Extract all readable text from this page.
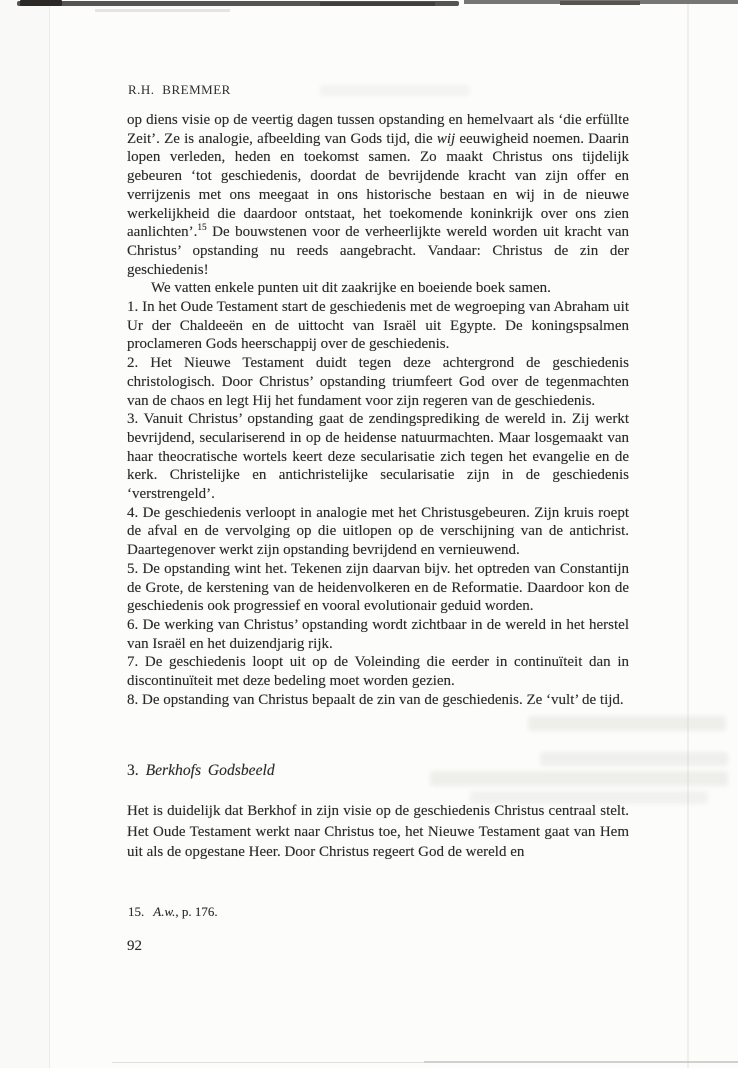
R.H. BREMMER

op diens visie op de veertig dagen tussen opstanding en hemelvaart als ‘die erfüllte Zeit’. Ze is analogie, afbeelding van Gods tijd, die wij eeuwigheid noemen. Daarin lopen verleden, heden en toekomst samen. Zo maakt Christus ons tijdelijk gebeuren ‘tot geschiedenis, doordat de bevrijdende kracht van zijn offer en verrijzenis met ons meegaat in ons historische bestaan en wij in de nieuwe werkelijkheid die daardoor ontstaat, het toekomende koninkrijk over ons zien aanlichten’.$^{15}$ De bouwstenen voor de verheerlijkte wereld worden uit kracht van Christus’ opstanding nu reeds aangebracht. Vandaar: Christus de zin der geschiedenis!

We vatten enkele punten uit dit zaakrijke en boeiende boek samen.

1. In het Oude Testament start de geschiedenis met de wegroeping van Abraham uit Ur der Chaldeeën en de uittocht van Israël uit Egypte. De koningspsalmen proclameren Gods heerschappij over de geschiedenis.

2. Het Nieuwe Testament duidt tegen deze achtergrond de geschiedenis christologisch. Door Christus’ opstanding triumfeert God over de tegenmachten van de chaos en legt Hij het fundament voor zijn regeren van de geschiedenis.

3. Vanuit Christus’ opstanding gaat de zendingsprediking de wereld in. Zij werkt bevrijdend, seculariserend in op de heidense natuurmachten. Maar losgemaakt van haar theocratische wortels keert deze secularisatie zich tegen het evangelie en de kerk. Christelijke en antichristelijke secularisatie zijn in de geschiedenis ‘verstrengeld’.

4. De geschiedenis verloopt in analogie met het Christusgebeuren. Zijn kruis roept de afval en de vervolging op die uitlopen op de verschijning van de antichrist. Daartegenover werkt zijn opstanding bevrijdend en vernieuwend.

5. De opstanding wint het. Tekenen zijn daarvan bijv. het optreden van Constantijn de Grote, de kerstening van de heidenvolkeren en de Reformatie. Daardoor kon de geschiedenis ook progressief en vooral evolutionair geduid worden.

6. De werking van Christus’ opstanding wordt zichtbaar in de wereld in het herstel van Israël en het duizendjarig rijk.

7. De geschiedenis loopt uit op de Voleinding die eerder in continuïteit dan in discontinuïteit met deze bedeling moet worden gezien.

8. De opstanding van Christus bepaalt de zin van de geschiedenis. Ze ‘vult’ de tijd.

3. Berkhofs Godsbeeld

Het is duidelijk dat Berkhof in zijn visie op de geschiedenis Christus centraal stelt. Het Oude Testament werkt naar Christus toe, het Nieuwe Testament gaat van Hem uit als de opgestane Heer. Door Christus regeert God de wereld en

15. A.w., p. 176.
92
